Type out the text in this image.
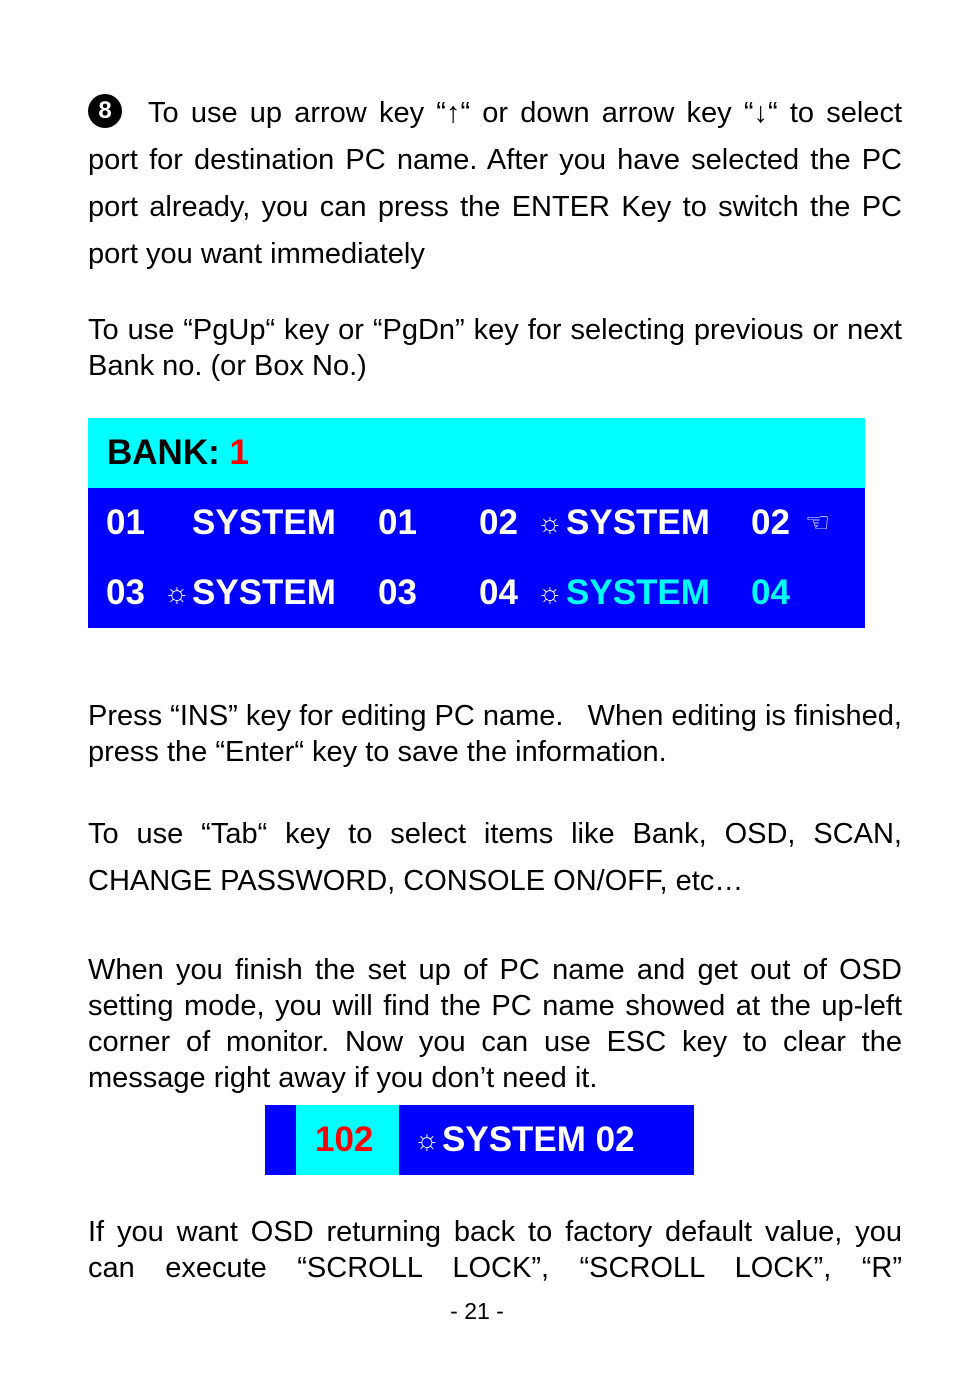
8 To use up arrow key “↑“ or down arrow key “↓“ to select port for destination PC name. After you have selected the PC port already, you can press the ENTER Key to switch the PC port you want immediately

To use “PgUp“ key or “PgDn” key for selecting previous or next Bank no. (or Box No.)

BANK: 1
01 SYSTEM 01 02 ☼ SYSTEM 02 ☜
03 ☼ SYSTEM 03 04 ☼ SYSTEM 04

Press “INS” key for editing PC name.   When editing is finished, press the “Enter“ key to save the information.

To use “Tab“ key to select items like Bank, OSD, SCAN, CHANGE PASSWORD, CONSOLE ON/OFF, etc…

When you finish the set up of PC name and get out of OSD setting mode, you will find the PC name showed at the up-left corner of monitor. Now you can use ESC key to clear the message right away if you don’t need it.

102 ☼ SYSTEM 02

If you want OSD returning back to factory default value, you can execute “SCROLL LOCK”, “SCROLL LOCK”, “R”

- 21 -
